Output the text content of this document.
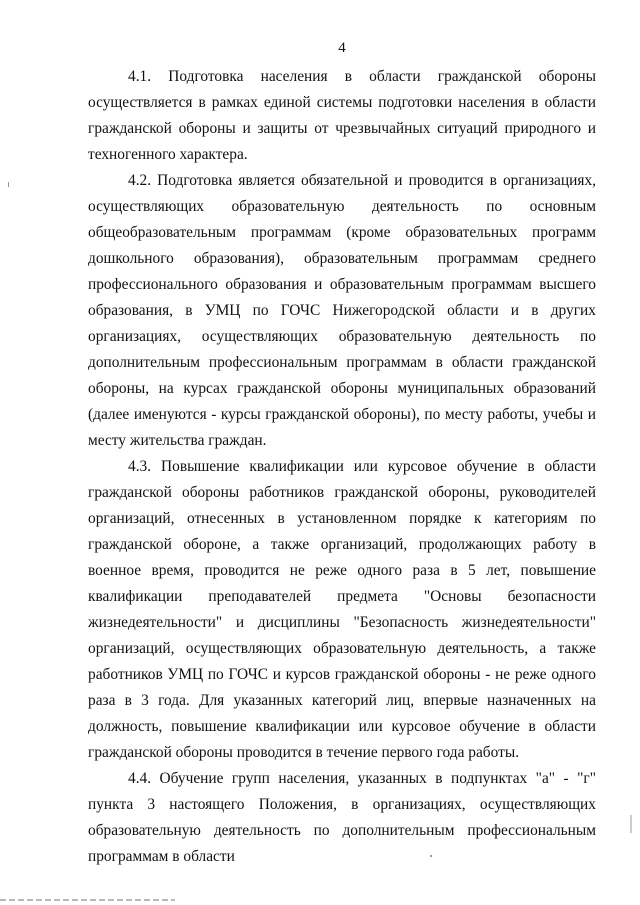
4

4.1. Подготовка населения в области гражданской обороны осуществляется в рамках единой системы подготовки населения в области гражданской обороны и защиты от чрезвычайных ситуаций природного и техногенного характера.

4.2. Подготовка является обязательной и проводится в организациях, осуществляющих образовательную деятельность по основным общеобразовательным программам (кроме образовательных программ дошкольного образования), образовательным программам среднего профессионального образования и образовательным программам высшего образования, в УМЦ по ГОЧС Нижегородской области и в других организациях, осуществляющих образовательную деятельность по дополнительным профессиональным программам в области гражданской обороны, на курсах гражданской обороны муниципальных образований (далее именуются - курсы гражданской обороны), по месту работы, учебы и месту жительства граждан.

4.3. Повышение квалификации или курсовое обучение в области гражданской обороны работников гражданской обороны, руководителей организаций, отнесенных в установленном порядке к категориям по гражданской обороне, а также организаций, продолжающих работу в военное время, проводится не реже одного раза в 5 лет, повышение квалификации преподавателей предмета "Основы безопасности жизнедеятельности" и дисциплины "Безопасность жизнедеятельности" организаций, осуществляющих образовательную деятельность, а также работников УМЦ по ГОЧС и курсов гражданской обороны - не реже одного раза в 3 года. Для указанных категорий лиц, впервые назначенных на должность, повышение квалификации или курсовое обучение в области гражданской обороны проводится в течение первого года работы.

4.4. Обучение групп населения, указанных в подпунктах "а" - "г" пункта 3 настоящего Положения, в организациях, осуществляющих образовательную деятельность по дополнительным профессиональным программам в области
